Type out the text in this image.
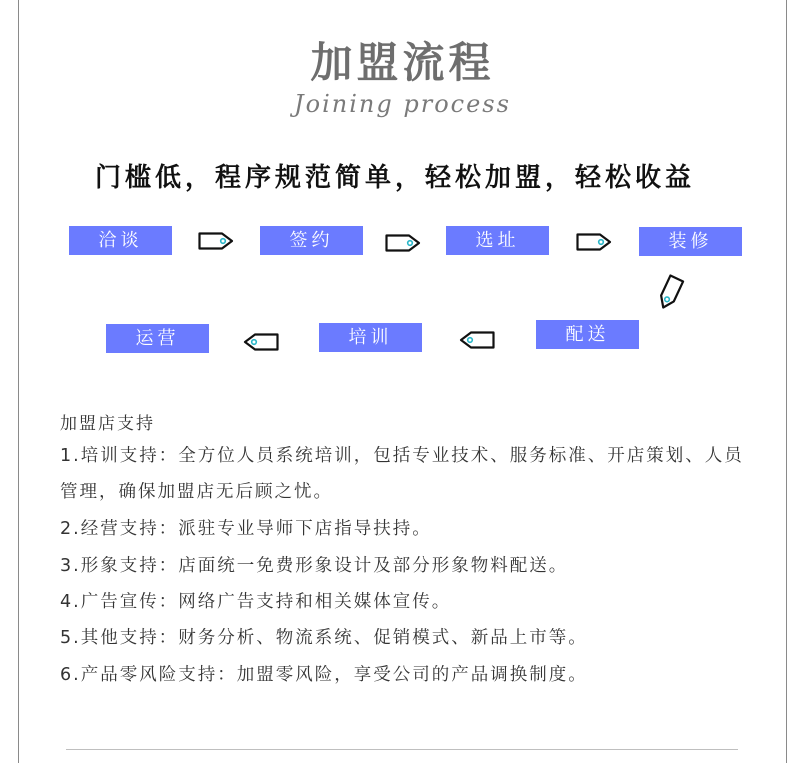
加盟流程
Joining process
门槛低，程序规范简单，轻松加盟，轻松收益
洽谈	签约	选址	装修
配送
培训
运营
加盟店支持
1.培训支持：全方位人员系统培训，包括专业技术、服务标准、开店策划、人员管理，确保加盟店无后顾之忧。
2.经营支持：派驻专业导师下店指导扶持。
3.形象支持：店面统一免费形象设计及部分形象物料配送。
4.广告宣传：网络广告支持和相关媒体宣传。
5.其他支持：财务分析、物流系统、促销模式、新品上市等。
6.产品零风险支持：加盟零风险，享受公司的产品调换制度。
